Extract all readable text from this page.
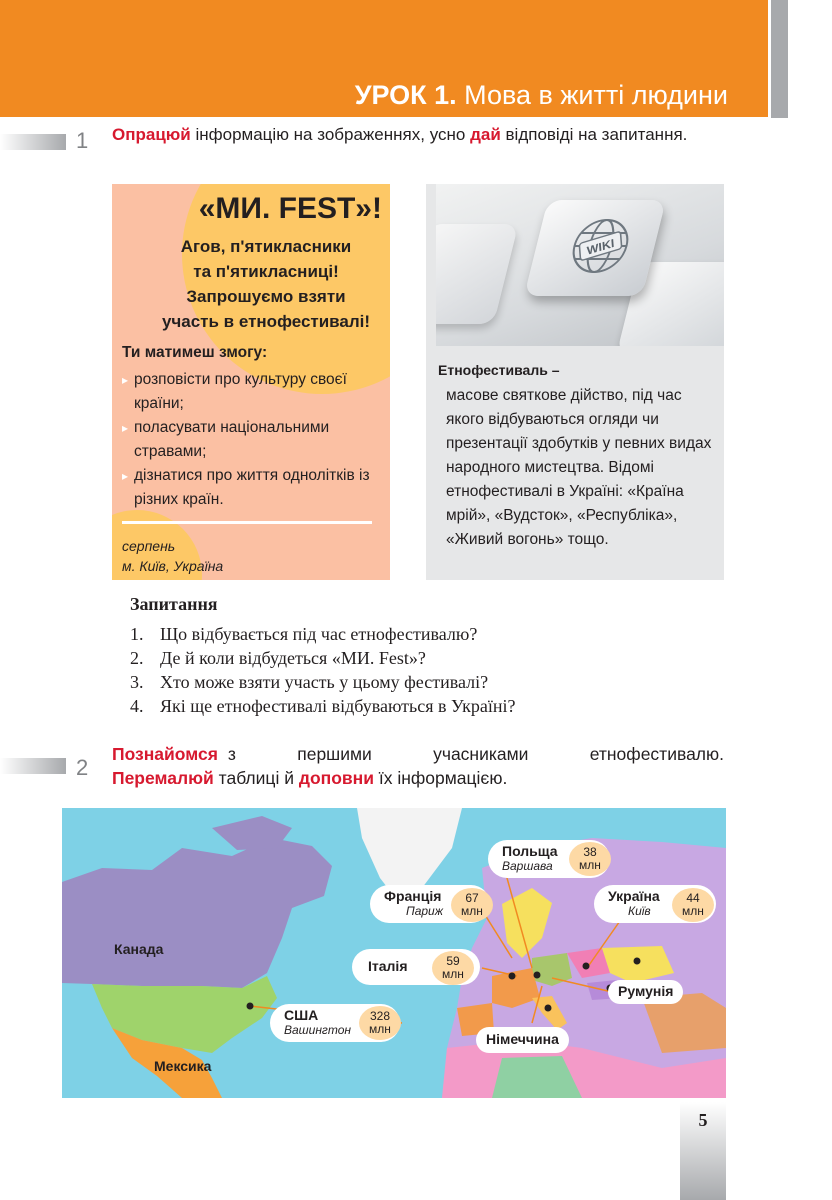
УРОК 1. Мова в житті людини
1 Опрацюй інформацію на зображеннях, усно дай відповіді на запитання.
«МИ. FEST»!
Агов, п'ятикласники
та п'ятикласниці!
Запрошуємо взяти
участь в етнофестивалі!
Ти матимеш змогу:
▸ розповісти про культуру своєї країни;
▸ поласувати національними стравами;
▸ дізнатися про життя однолітків із різних країн.
серпень
м. Київ, Україна
WIKI
Етнофестиваль –
масове святкове дійство, під час якого відбуваються огляди чи презентації здобутків у певних видах народного мистецтва. Відомі етнофестивалі в Україні: «Країна мрій», «Вудсток», «Республіка», «Живий вогонь» тощо.
Запитання
1. Що відбувається під час етнофестивалю?
2. Де й коли відбудеться «МИ. Fest»?
3. Хто може взяти участь у цьому фестивалі?
4. Які ще етнофестивалі відбуваються в Україні?
2
Познайомся з першими учасниками етнофестивалю.
Перемалюй таблиці й доповни їх інформацією.
Канада
Мексика
США
Вашингтон
328
млн
Франція
Париж
67
млн
Італія	59
млн
Польща
Варшава
38
млн
Україна
Київ
44
млн
Румунія
Німеччина
5
